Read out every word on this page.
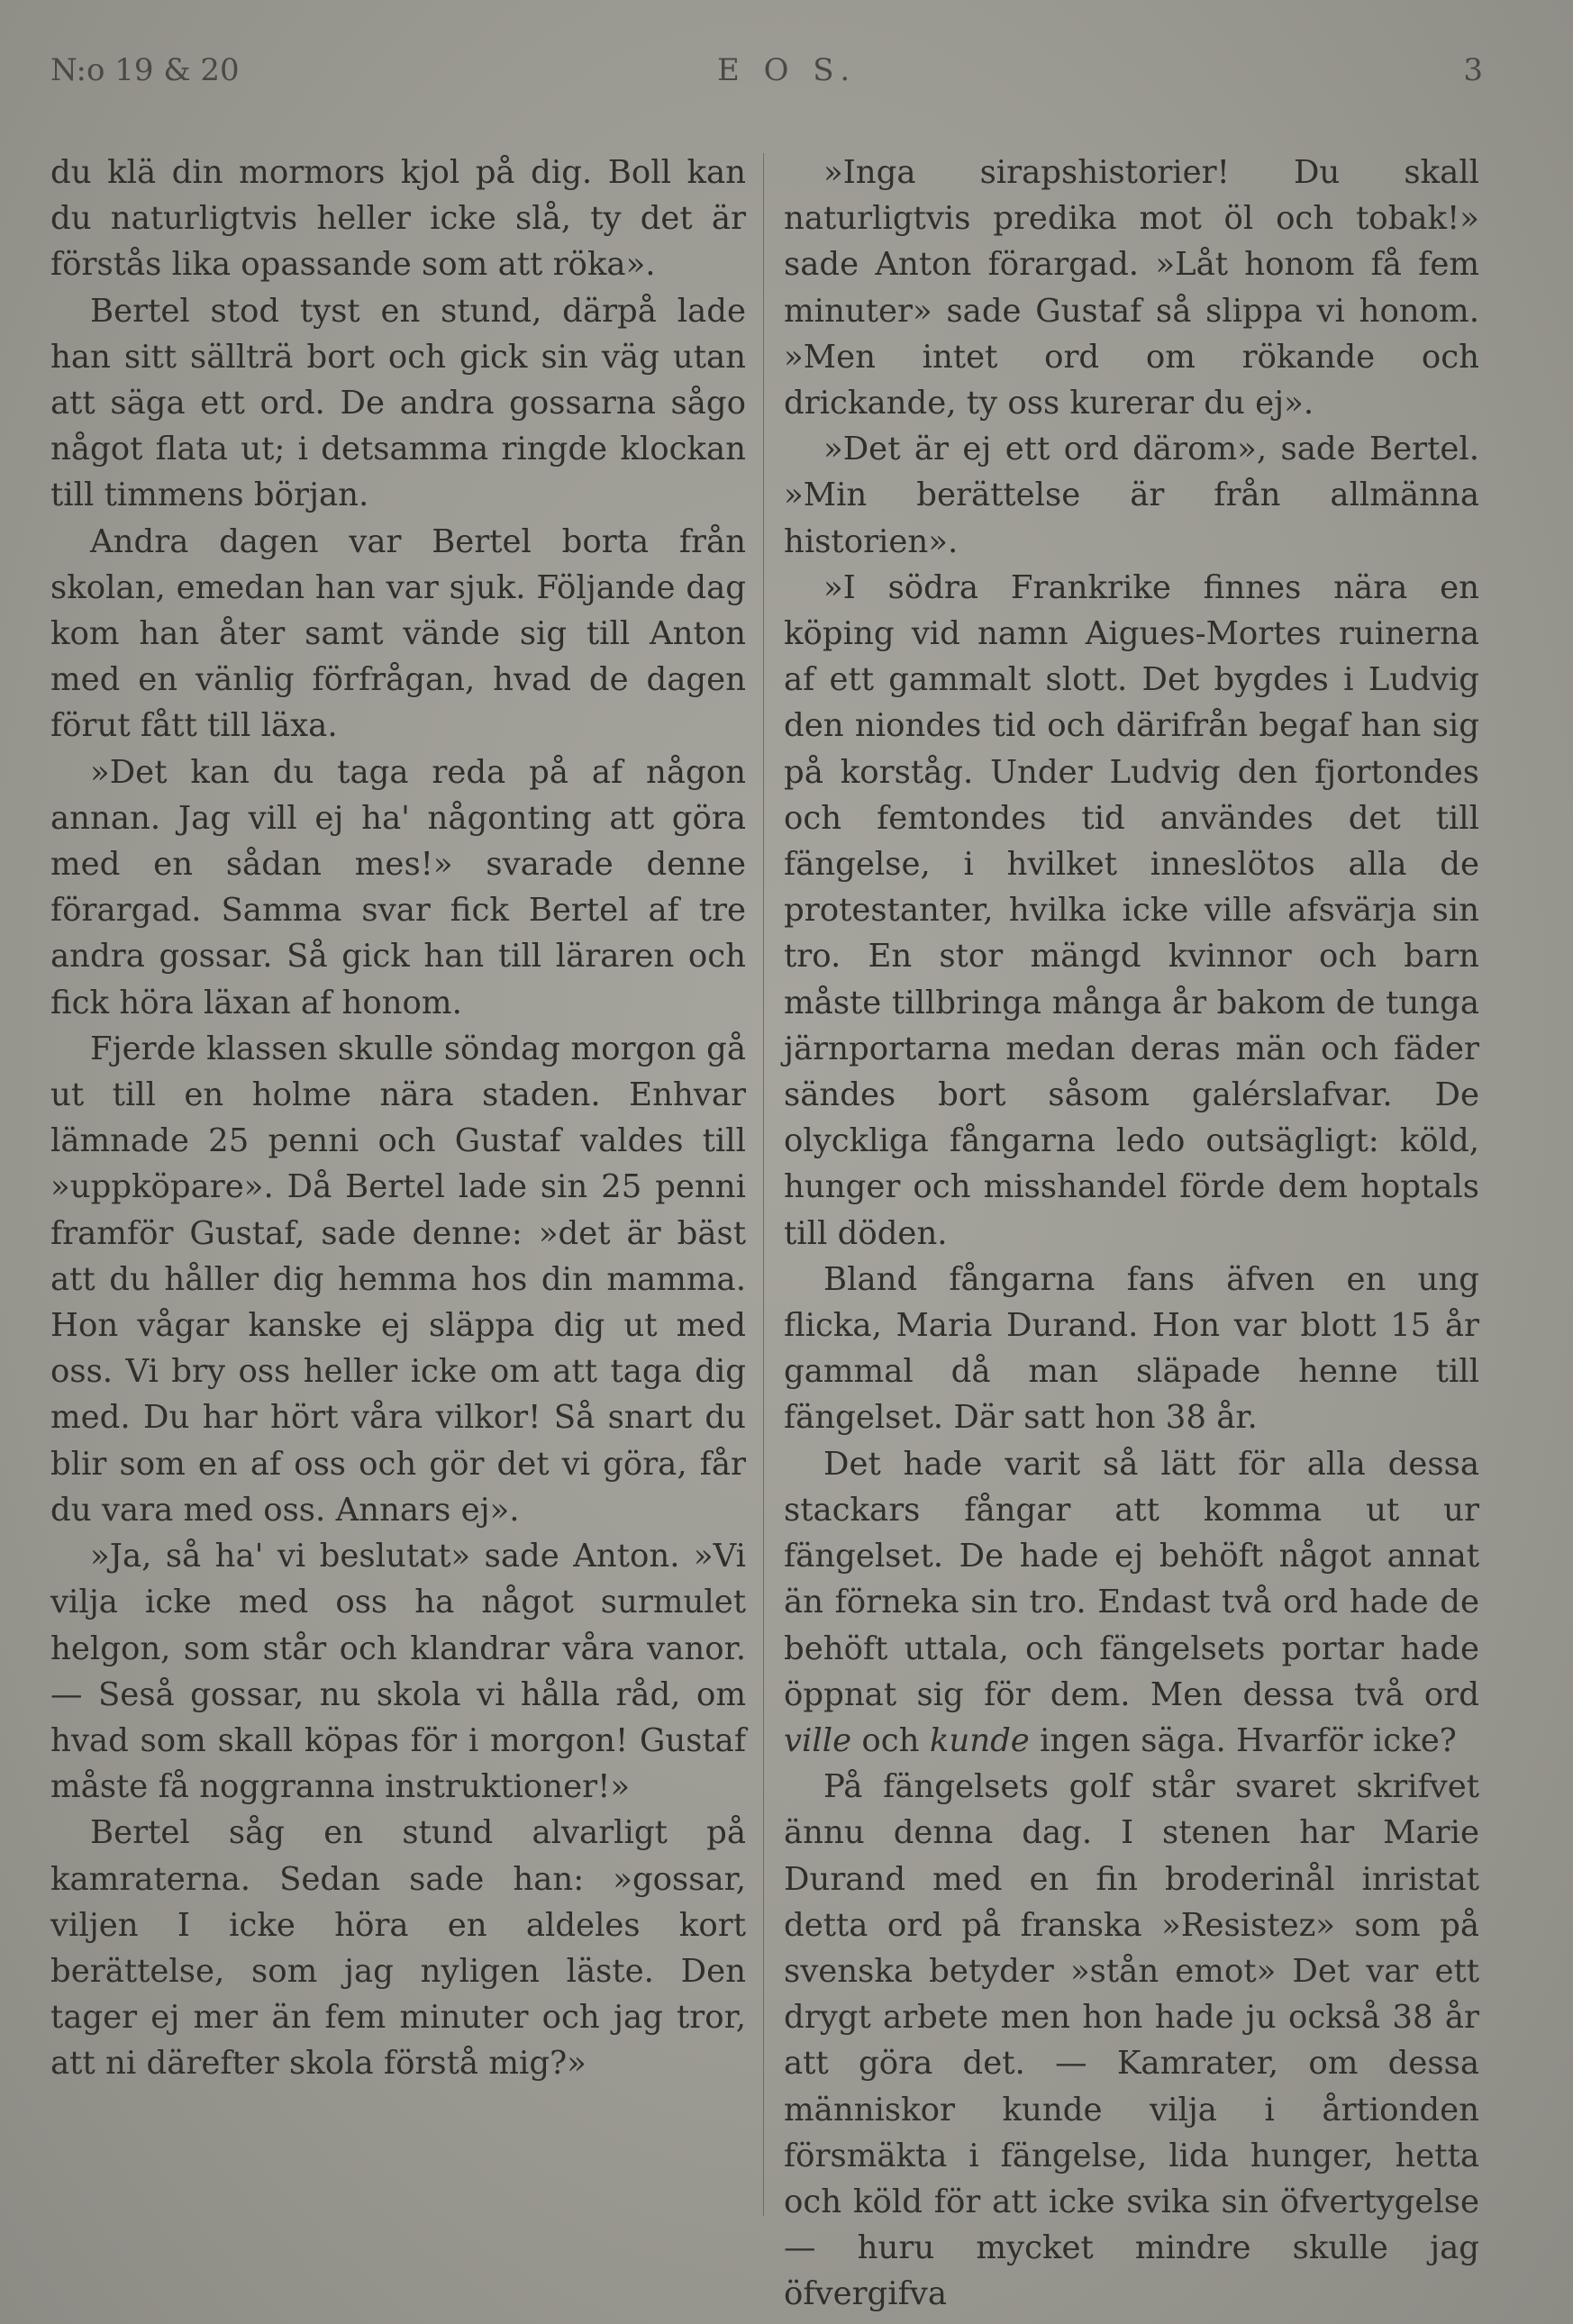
N:o 19 & 20	E O S.	3

du klä din mormors kjol på dig. Boll kan du naturligtvis heller icke slå, ty det är förstås lika opassande som att röka».

Bertel stod tyst en stund, därpå lade han sitt sällträ bort och gick sin väg utan att säga ett ord. De andra gossarna sågo något flata ut; i detsamma ringde klockan till timmens början.

Andra dagen var Bertel borta från skolan, emedan han var sjuk. Följande dag kom han åter samt vände sig till Anton med en vänlig förfrågan, hvad de dagen förut fått till läxa.

»Det kan du taga reda på af någon annan. Jag vill ej ha' någonting att göra med en sådan mes!» svarade denne förargad. Samma svar fick Bertel af tre andra gossar. Så gick han till läraren och fick höra läxan af honom.

Fjerde klassen skulle söndag morgon gå ut till en holme nära staden. Enhvar lämnade 25 penni och Gustaf valdes till »uppköpare». Då Bertel lade sin 25 penni framför Gustaf, sade denne: »det är bäst att du håller dig hemma hos din mamma. Hon vågar kanske ej släppa dig ut med oss. Vi bry oss heller icke om att taga dig med. Du har hört våra vilkor! Så snart du blir som en af oss och gör det vi göra, får du vara med oss. Annars ej».

»Ja, så ha' vi beslutat» sade Anton. »Vi vilja icke med oss ha något surmulet helgon, som står och klandrar våra vanor. — Seså gossar, nu skola vi hålla råd, om hvad som skall köpas för i morgon! Gustaf måste få noggranna instruktioner!»

Bertel såg en stund alvarligt på kamraterna. Sedan sade han: »gossar, viljen I icke höra en aldeles kort berättelse, som jag nyligen läste. Den tager ej mer än fem minuter och jag tror, att ni därefter skola förstå mig?»

»Inga sirapshistorier! Du skall naturligtvis predika mot öl och tobak!» sade Anton förargad. »Låt honom få fem minuter» sade Gustaf så slippa vi honom. »Men intet ord om rökande och drickande, ty oss kurerar du ej».

»Det är ej ett ord därom», sade Bertel. »Min berättelse är från allmänna historien».

»I södra Frankrike finnes nära en köping vid namn Aigues-Mortes ruinerna af ett gammalt slott. Det bygdes i Ludvig den niondes tid och därifrån begaf han sig på korståg. Under Ludvig den fjortondes och femtondes tid användes det till fängelse, i hvilket inneslötos alla de protestanter, hvilka icke ville afsvärja sin tro. En stor mängd kvinnor och barn måste tillbringa många år bakom de tunga järnportarna medan deras män och fäder sändes bort såsom galérslafvar. De olyckliga fångarna ledo outsägligt: köld, hunger och misshandel förde dem hoptals till döden.

Bland fångarna fans äfven en ung flicka, Maria Durand. Hon var blott 15 år gammal då man släpade henne till fängelset. Där satt hon 38 år.

Det hade varit så lätt för alla dessa stackars fångar att komma ut ur fängelset. De hade ej behöft något annat än förneka sin tro. Endast två ord hade de behöft uttala, och fängelsets portar hade öppnat sig för dem. Men dessa två ord ville och kunde ingen säga. Hvarför icke?

På fängelsets golf står svaret skrifvet ännu denna dag. I stenen har Marie Durand med en fin broderinål inristat detta ord på franska »Resistez» som på svenska betyder »stån emot» Det var ett drygt arbete men hon hade ju också 38 år att göra det. — Kamrater, om dessa människor kunde vilja i årtionden försmäkta i fängelse, lida hunger, hetta och köld för att icke svika sin öfvertygelse — huru mycket mindre skulle jag öfvergifva
